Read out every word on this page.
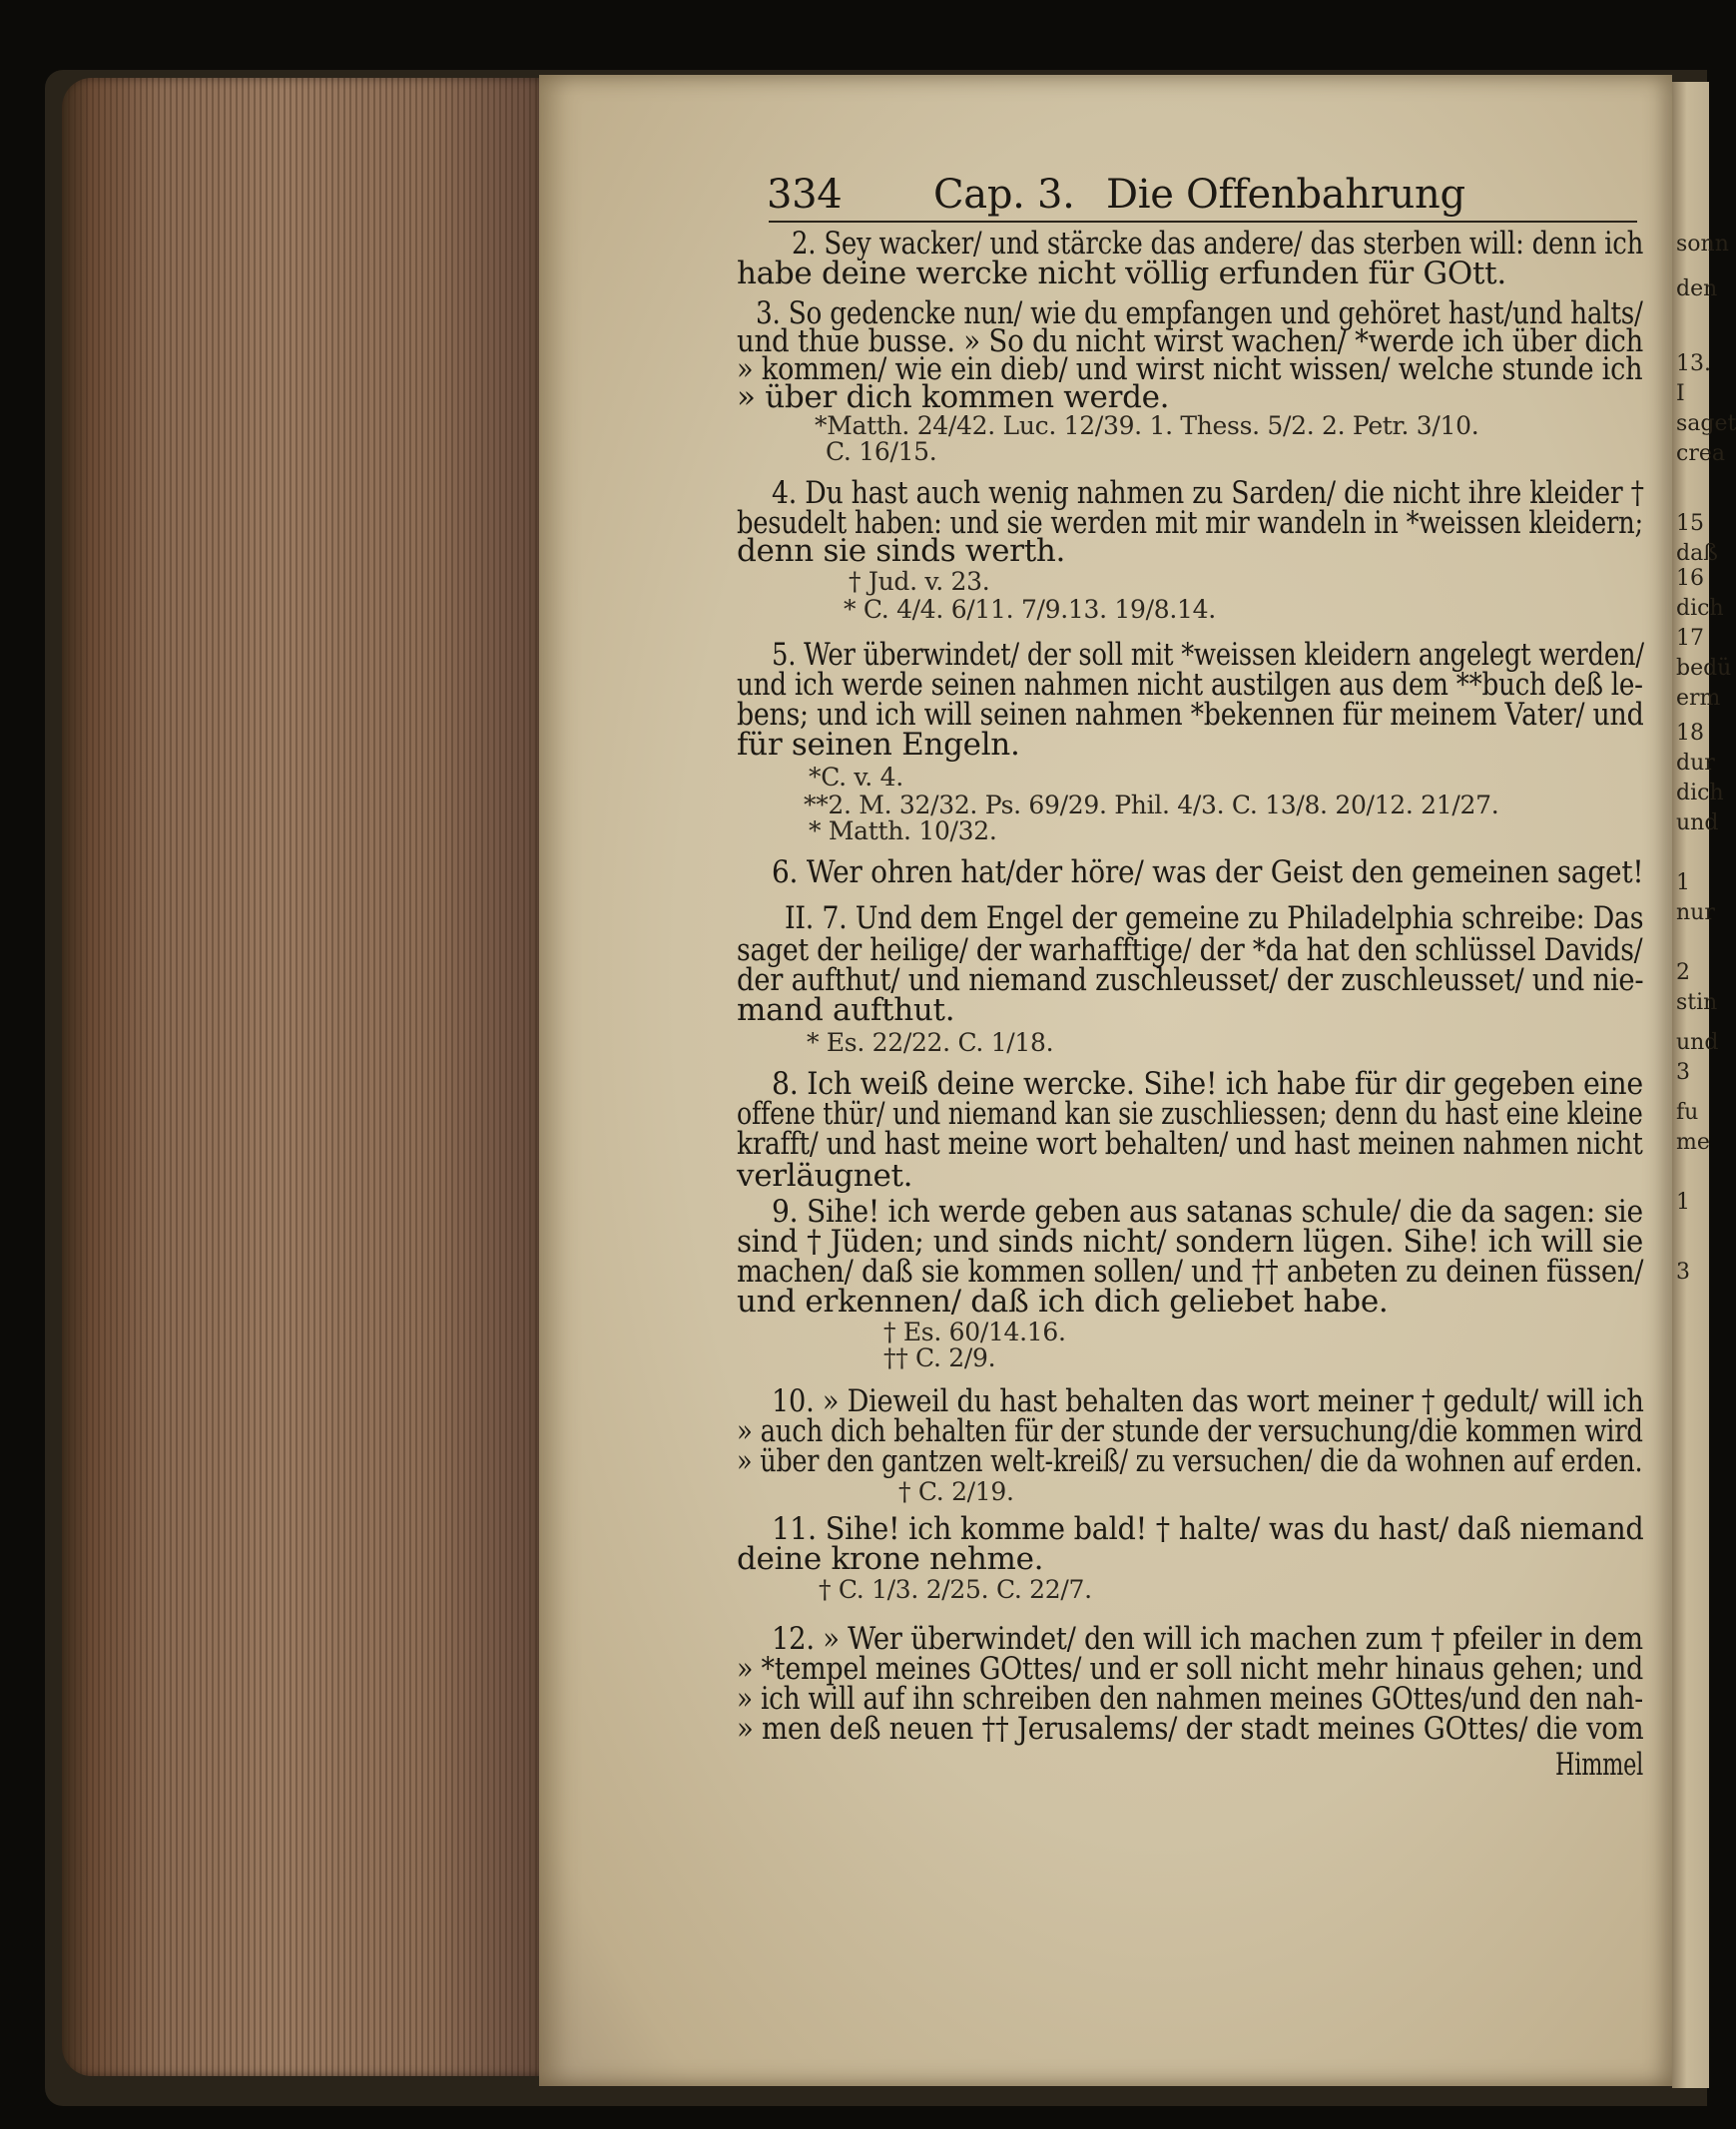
sonn
den
13.
I
saget
crea
15
daß
16
dich
17
bedü
erm
18
dur
dich
und
1
nur
2
stin
und
3
fu
me
1
3
334 Cap. 3. Die Offenbahrung
2. Sey wacker/ und stärcke das andere/ das sterben will: denn ich
habe deine wercke nicht völlig erfunden für GOtt.
3. So gedencke nun/ wie du empfangen und gehöret hast/und halts/
und thue busse. » So du nicht wirst wachen/ *werde ich über dich
» kommen/ wie ein dieb/ und wirst nicht wissen/ welche stunde ich
» über dich kommen werde.
*Matth. 24/42. Luc. 12/39. 1. Thess. 5/2. 2. Petr. 3/10.
C. 16/15.
4. Du hast auch wenig nahmen zu Sarden/ die nicht ihre kleider †
besudelt haben: und sie werden mit mir wandeln in *weissen kleidern;
denn sie sinds werth.
† Jud. v. 23.
* C. 4/4. 6/11. 7/9.13. 19/8.14.
5. Wer überwindet/ der soll mit *weissen kleidern angelegt werden/
und ich werde seinen nahmen nicht austilgen aus dem **buch deß le-
bens; und ich will seinen nahmen *bekennen für meinem Vater/ und
für seinen Engeln.
*C. v. 4.
**2. M. 32/32. Ps. 69/29. Phil. 4/3. C. 13/8. 20/12. 21/27.
* Matth. 10/32.
6. Wer ohren hat/der höre/ was der Geist den gemeinen saget!
II. 7. Und dem Engel der gemeine zu Philadelphia schreibe: Das
saget der heilige/ der warhafftige/ der *da hat den schlüssel Davids/
der aufthut/ und niemand zuschleusset/ der zuschleusset/ und nie-
mand aufthut.
* Es. 22/22. C. 1/18.
8. Ich weiß deine wercke. Sihe! ich habe für dir gegeben eine
offene thür/ und niemand kan sie zuschliessen; denn du hast eine kleine
krafft/ und hast meine wort behalten/ und hast meinen nahmen nicht
verläugnet.
9. Sihe! ich werde geben aus satanas schule/ die da sagen: sie
sind † Jüden; und sinds nicht/ sondern lügen. Sihe! ich will sie
machen/ daß sie kommen sollen/ und †† anbeten zu deinen füssen/
und erkennen/ daß ich dich geliebet habe.
† Es. 60/14.16.
†† C. 2/9.
10. » Dieweil du hast behalten das wort meiner † gedult/ will ich
» auch dich behalten für der stunde der versuchung/die kommen wird
» über den gantzen welt-kreiß/ zu versuchen/ die da wohnen auf erden.
† C. 2/19.
11. Sihe! ich komme bald! † halte/ was du hast/ daß niemand
deine krone nehme.
† C. 1/3. 2/25. C. 22/7.
12. » Wer überwindet/ den will ich machen zum † pfeiler in dem
» *tempel meines GOttes/ und er soll nicht mehr hinaus gehen; und
» ich will auf ihn schreiben den nahmen meines GOttes/und den nah-
» men deß neuen †† Jerusalems/ der stadt meines GOttes/ die vom
Himmel
